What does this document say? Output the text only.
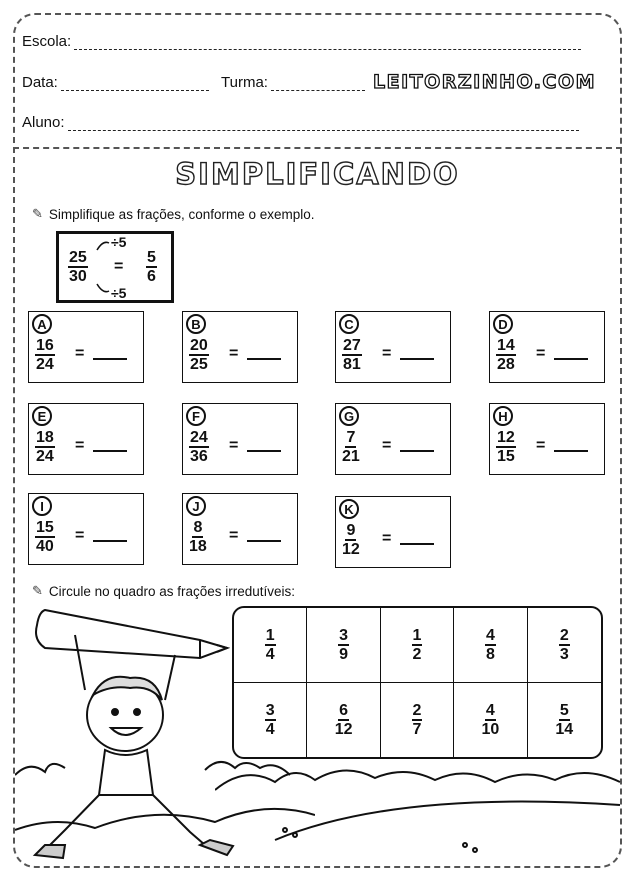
Escola:
Data:	Turma:	LEITORZINHO.COM
Aluno:
SIMPLIFICANDO
✎ Simplifique as frações, conforme o exemplo.
÷5
$\frac{25}{30} = \frac{5}{6}$
÷5
A
$\frac{16}{24}$ =
B
$\frac{20}{25}$ =
C
$\frac{27}{81}$ =
D
$\frac{14}{28}$ =
E
$\frac{18}{24}$ =
F
$\frac{24}{36}$ =
G
$\frac{7}{21}$ =
H
$\frac{12}{15}$ =
I
$\frac{15}{40}$ =
J
$\frac{8}{18}$ =
K
$\frac{9}{12}$ =
✎ Circule no quadro as frações irredutíveis:
$\frac{1}{4}$	$\frac{3}{9}$	$\frac{1}{2}$	$\frac{4}{8}$	$\frac{2}{3}$
$\frac{3}{4}$	$\frac{6}{12}$	$\frac{2}{7}$	$\frac{4}{10}$	$\frac{5}{14}$
